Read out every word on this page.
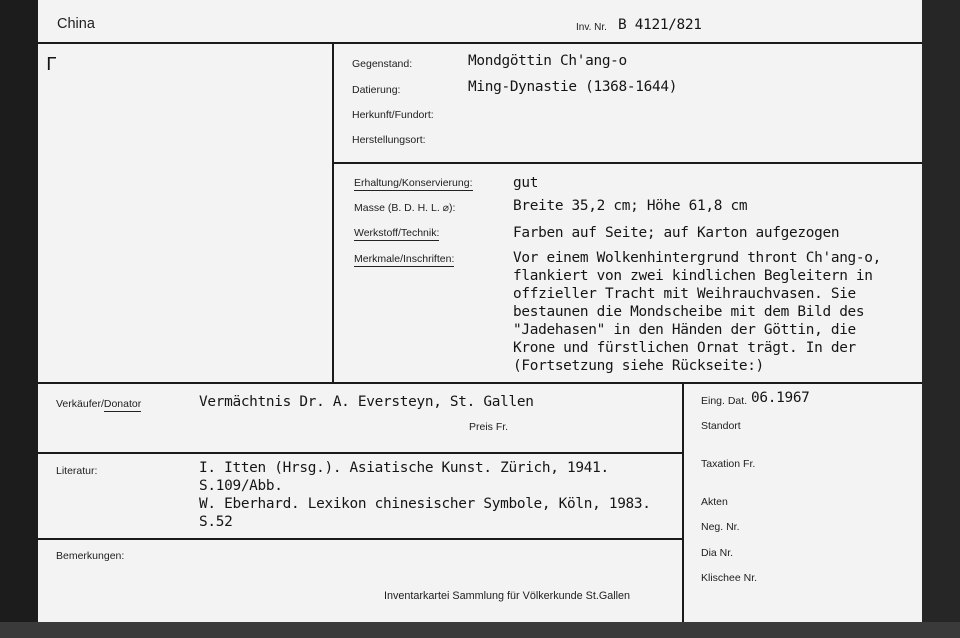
China	Inv. Nr. B 4121/821
Γ	Gegenstand:	Mondgöttin Ch'ang-o
Datierung:	Ming-Dynastie (1368-1644)
Herkunft/Fundort:
Herstellungsort:
Erhaltung/Konservierung:	gut
Masse (B. D. H. L. ⌀):	Breite 35,2 cm; Höhe 61,8 cm
Werkstoff/Technik:	Farben auf Seite; auf Karton aufgezogen
Merkmale/Inschriften:	Vor einem Wolkenhintergrund thront Ch'ang-o,
flankiert von zwei kindlichen Begleitern in
offzieller Tracht mit Weihrauchvasen. Sie
bestaunen die Mondscheibe mit dem Bild des
"Jadehasen" in den Händen der Göttin, die
Krone und fürstlichen Ornat trägt. In der
(Fortsetzung siehe Rückseite:)
Verkäufer/Donator	Vermächtnis Dr. A. Eversteyn, St. Gallen
Preis Fr.
Literatur:	I. Itten (Hrsg.). Asiatische Kunst. Zürich, 1941.
S.109/Abb.
W. Eberhard. Lexikon chinesischer Symbole, Köln, 1983.
S.52
Bemerkungen:
Inventarkartei Sammlung für Völkerkunde St.Gallen
Eing. Dat. 06.1967
Standort
Taxation Fr.
Akten
Neg. Nr.
Dia Nr.
Klischee Nr.
